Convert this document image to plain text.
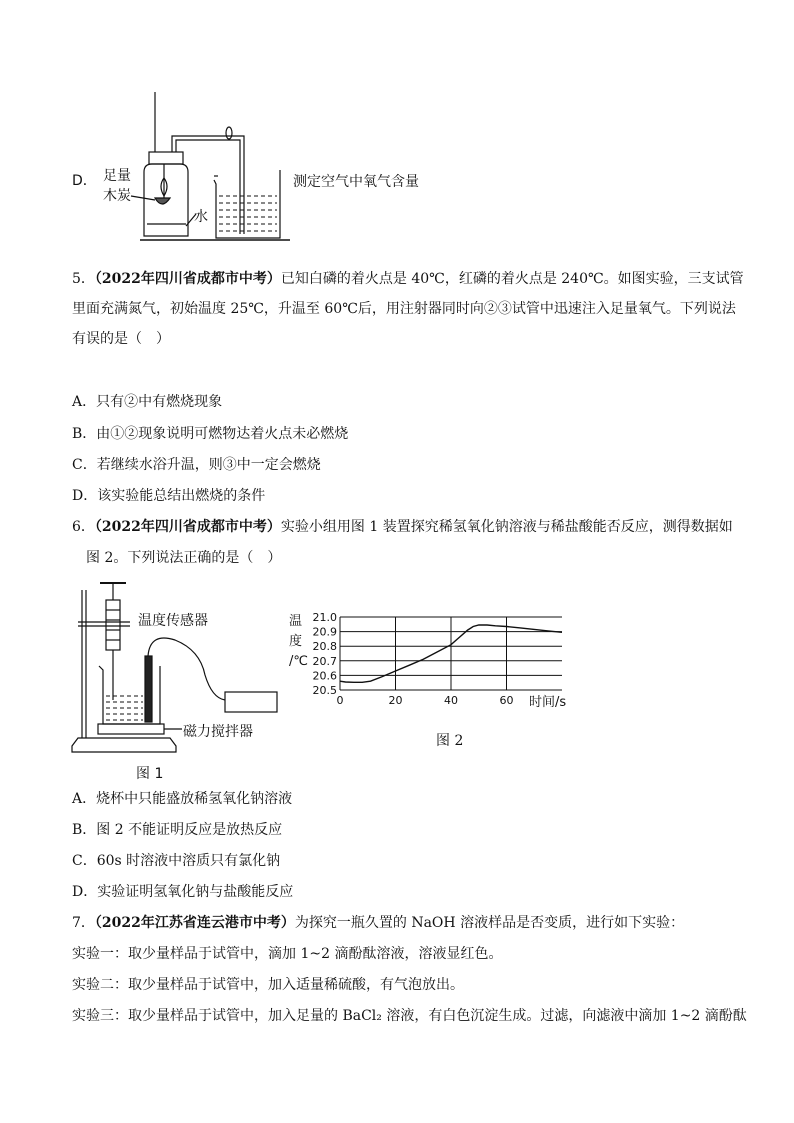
D． 足量
木炭
水
测定空气中氧气含量
5．（2022年四川省成都市中考）已知白磷的着火点是 40℃，红磷的着火点是 240℃。如图实验，三支试管
里面充满氮气，初始温度 25℃，升温至 60℃后，用注射器同时向②③试管中迅速注入足量氧气。下列说法
有误的是（　）
A．只有②中有燃烧现象
B．由①②现象说明可燃物达着火点未必燃烧
C．若继续水浴升温，则③中一定会燃烧
D．该实验能总结出燃烧的条件
6．（2022年四川省成都市中考）实验小组用图 1 装置探究稀氢氧化钠溶液与稀盐酸能否反应，测得数据如
图 2。下列说法正确的是（　）
温度传感器
磁力搅拌器
图 1
20.5
20.6
20.7
20.8
20.9
21.0
0	20	40	60
温
度
/℃
时间/s
图 2
A．烧杯中只能盛放稀氢氧化钠溶液
B．图 2 不能证明反应是放热反应
C．60s 时溶液中溶质只有氯化钠
D．实验证明氢氧化钠与盐酸能反应
7．（2022年江苏省连云港市中考）为探究一瓶久置的 NaOH 溶液样品是否变质，进行如下实验：
实验一：取少量样品于试管中，滴加 1~2 滴酚酞溶液，溶液显红色。
实验二：取少量样品于试管中，加入适量稀硫酸，有气泡放出。
实验三：取少量样品于试管中，加入足量的 BaCl₂ 溶液，有白色沉淀生成。过滤，向滤液中滴加 1~2 滴酚酞
